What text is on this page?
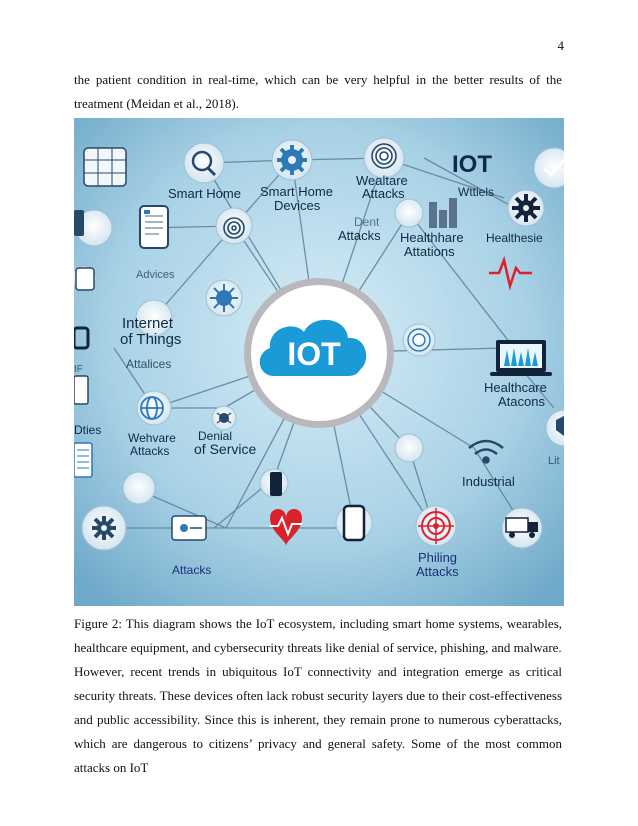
4

the patient condition in real-time, which can be very helpful in the better results of the treatment (Meidan et al., 2018).

IOT
Smart Home Smart Home
Devices
Wealtare
Attacks
IOT
Wttiels
Dent
Attacks Healthhare
Attations
Healthesie
Advices
Internet
of Things
Attalices
Healthcare
Atacons
Wehvare
Attacks
Denial
of Service
Dties
Industrial
Philing
Attacks
Attacks
Lit
IF
Figure 2: This diagram shows the IoT ecosystem, including smart home systems, wearables, healthcare equipment, and cybersecurity threats like denial of service, phishing, and malware.
However, recent trends in ubiquitous IoT connectivity and integration emerge as critical security threats. These devices often lack robust security layers due to their cost-effectiveness and public accessibility. Since this is inherent, they remain prone to numerous cyberattacks, which are dangerous to citizens’ privacy and general safety. Some of the most common attacks on IoT
